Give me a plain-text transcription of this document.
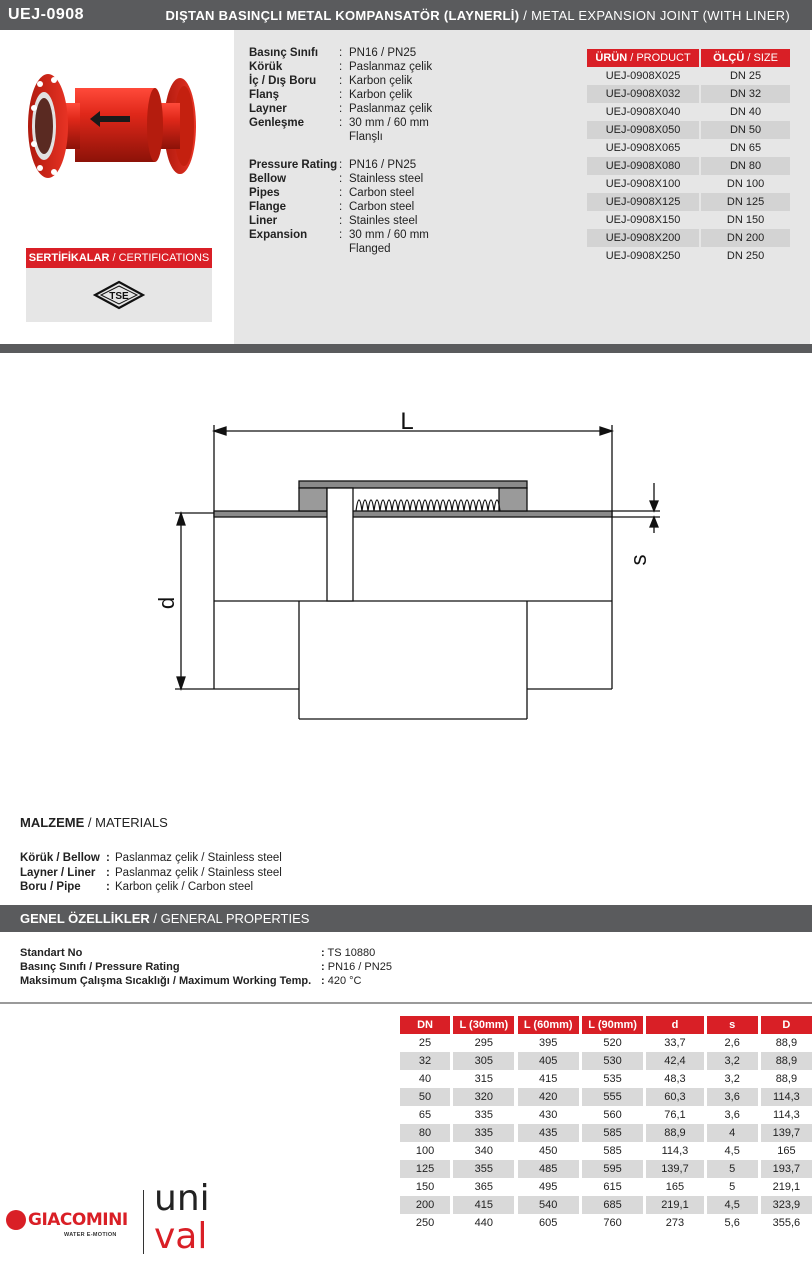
UEJ-0908	DIŞTAN BASINÇLI METAL KOMPANSATÖR (LAYNERLİ) / METAL EXPANSION JOINT (WITH LINER)
SERTİFİKALAR / CERTIFICATIONS
TSE
Basınç Sınıfı	: PN16 / PN25
Körük	: Paslanmaz çelik
İç / Dış Boru	: Karbon çelik
Flanş	: Karbon çelik
Layner	: Paslanmaz çelik
Genleşme	: 30 mm / 60 mm
Flanşlı
Pressure Rating : PN16 / PN25
Bellow	: Stainless steel
Pipes	: Carbon steel
Flange	: Carbon steel
Liner	: Stainles steel
Expansion	: 30 mm / 60 mm
Flanged
ÜRÜN / PRODUCT		ÖLÇÜ / SIZE
UEJ-0908X025		DN 25
UEJ-0908X032		DN 32
UEJ-0908X040		DN 40
UEJ-0908X050		DN 50
UEJ-0908X065		DN 65
UEJ-0908X080		DN 80
UEJ-0908X100		DN 100
UEJ-0908X125		DN 125
UEJ-0908X150		DN 150
UEJ-0908X200		DN 200
UEJ-0908X250		DN 250
L
d
s
MALZEME / MATERIALS
Körük / Bellow : Paslanmaz çelik / Stainless steel
Layner / Liner : Paslanmaz çelik / Stainless steel
Boru / Pipe	: Karbon çelik / Carbon steel
GENEL ÖZELLİKLER / GENERAL PROPERTIES
Standart No	: TS 10880
Basınç Sınıfı / Pressure Rating	: PN16 / PN25
Maksimum Çalışma Sıcaklığı / Maximum Working Temp. : 420 °C
DN		L (30mm)		L (60mm)		L (90mm)		d		s		D
25		295		395		520		33,7		2,6		88,9
32		305		405		530		42,4		3,2		88,9
40		315		415		535		48,3		3,2		88,9
50		320		420		555		60,3		3,6		114,3
65		335		430		560		76,1		3,6		114,3
80		335		435		585		88,9		4		139,7
100		340		450		585		114,3		4,5		165
125		355		485		595		139,7		5		193,7
150		365		495		615		165		5		219,1
200		415		540		685		219,1		4,5		323,9
250		440		605		760		273		5,6		355,6
GIACOMINI
WATER E-MOTION
uni
val
